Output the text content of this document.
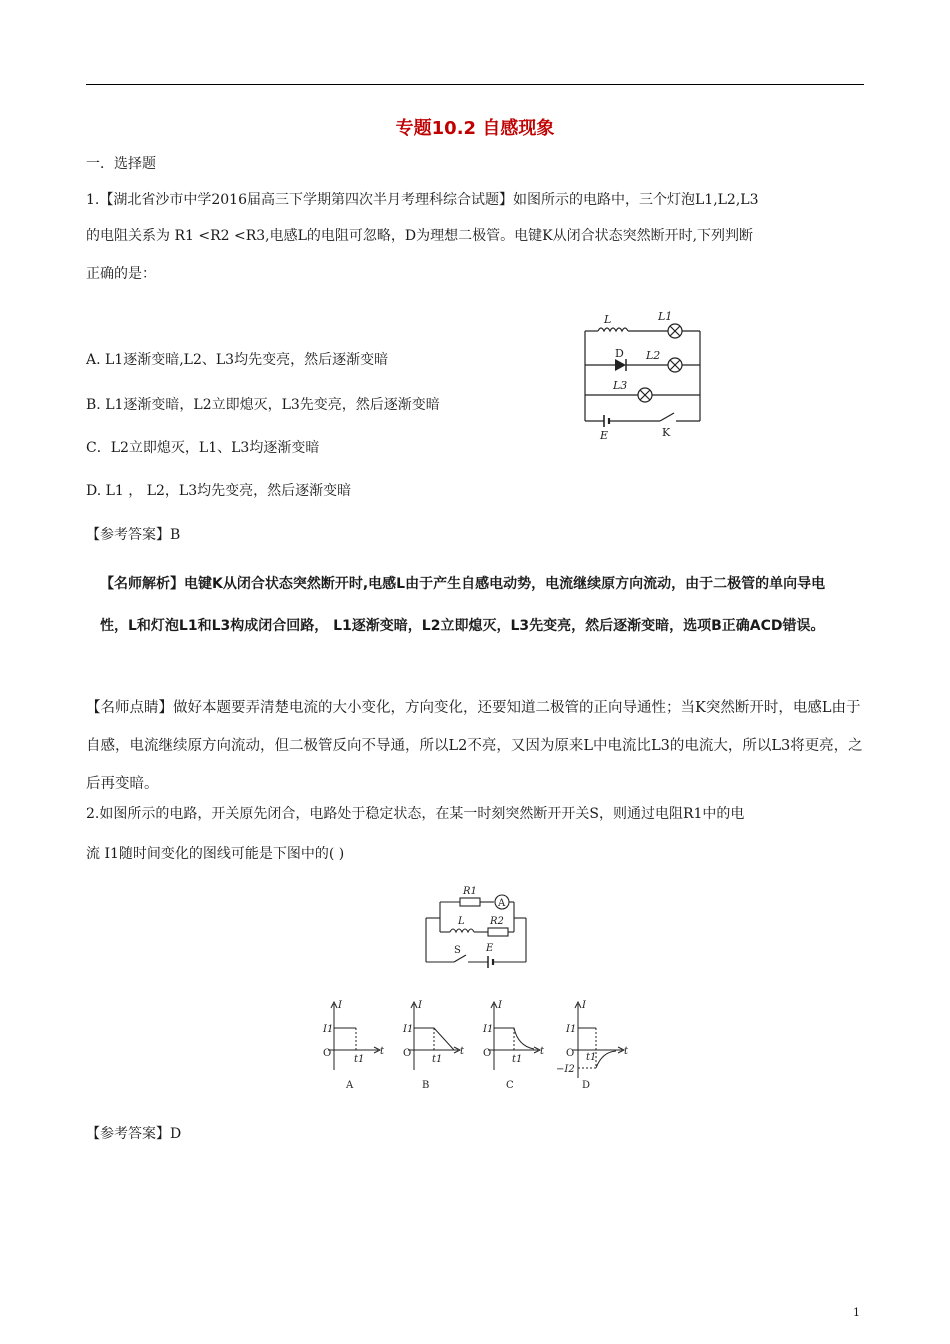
专题10.2 自感现象
一．选择题
1.【湖北省沙市中学2016届高三下学期第四次半月考理科综合试题】如图所示的电路中，三个灯泡L1,L2,L3
的电阻关系为 R1 <R2 <R3,电感L的电阻可忽略，D为理想二极管。电键K从闭合状态突然断开时,下列判断
正确的是：
A. L1逐渐变暗,L2、L3均先变亮，然后逐渐变暗
B. L1逐渐变暗，L2立即熄灭，L3先变亮，然后逐渐变暗
C．L2立即熄灭，L1、L3均逐渐变暗
D. L1 ， L2，L3均先变亮，然后逐渐变暗
【参考答案】B
L	L1
D L2
L3
E	K
【名师解析】电键K从闭合状态突然断开时,电感L由于产生自感电动势，电流继续原方向流动，由于二极管的单向导电性，L和灯泡L1和L3构成闭合回路， L1逐渐变暗，L2立即熄灭，L3先变亮，然后逐渐变暗，选项B正确ACD错误。
【名师点睛】做好本题要弄清楚电流的大小变化，方向变化，还要知道二极管的正向导通性；当K突然断开时，电感L由于自感，电流继续原方向流动，但二极管反向不导通，所以L2不亮，又因为原来L中电流比L3的电流大，所以L3将更亮，之后再变暗。
2.如图所示的电路，开关原先闭合，电路处于稳定状态，在某一时刻突然断开开关S，则通过电阻R1中的电
流 I1随时间变化的图线可能是下图中的( )
R1
A
L	R2
S	E
I
I1
O
t1
t
A
I
I1
O
t1
t
B
I
I1
O
t1
t
C
I
I1
O t1
t
−I2
D
【参考答案】D
1
